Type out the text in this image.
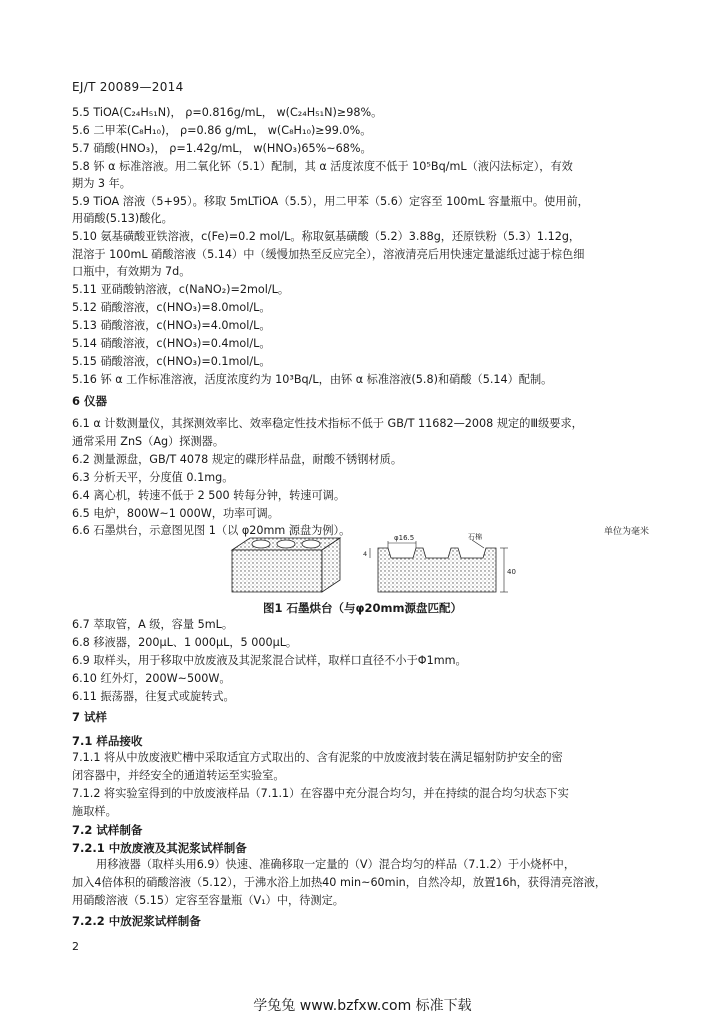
EJ/T 20089—2014
5.5 TiOA(C₂₄H₅₁N)， ρ=0.816g/mL， w(C₂₄H₅₁N)≥98%。
5.6 二甲苯(C₈H₁₀)， ρ=0.86 g/mL， w(C₈H₁₀)≥99.0%。
5.7 硝酸(HNO₃)， ρ=1.42g/mL， w(HNO₃)65%~68%。
5.8 钚 α 标准溶液。用二氧化钚（5.1）配制，其 α 活度浓度不低于 10⁵Bq/mL（液闪法标定），有效
期为 3 年。
5.9 TiOA 溶液（5+95）。移取 5mLTiOA（5.5），用二甲苯（5.6）定容至 100mL 容量瓶中。使用前，
用硝酸(5.13)酸化。
5.10 氨基磺酸亚铁溶液，c(Fe)=0.2 mol/L。称取氨基磺酸（5.2）3.88g，还原铁粉（5.3）1.12g，
混溶于 100mL 硝酸溶液（5.14）中（缓慢加热至反应完全），溶液清亮后用快速定量滤纸过滤于棕色细
口瓶中，有效期为 7d。
5.11 亚硝酸钠溶液，c(NaNO₂)=2mol/L。
5.12 硝酸溶液，c(HNO₃)=8.0mol/L。
5.13 硝酸溶液，c(HNO₃)=4.0mol/L。
5.14 硝酸溶液，c(HNO₃)=0.4mol/L。
5.15 硝酸溶液，c(HNO₃)=0.1mol/L。
5.16 钚 α 工作标准溶液，活度浓度约为 10³Bq/L，由钚 α 标准溶液(5.8)和硝酸（5.14）配制。
6 仪器
6.1 α 计数测量仪，其探测效率比、效率稳定性技术指标不低于 GB/T 11682—2008 规定的Ⅲ级要求，
通常采用 ZnS（Ag）探测器。
6.2 测量源盘，GB/T 4078 规定的碟形样品盘，耐酸不锈钢材质。
6.3 分析天平，分度值 0.1mg。
6.4 离心机，转速不低于 2 500 转每分钟，转速可调。
6.5 电炉，800W~1 000W，功率可调。
6.6 石墨烘台，示意图见图 1（以 φ20mm 源盘为例）。	单位为毫米
φ16.5	石棉
4
40
图1 石墨烘台（与φ20mm源盘匹配）
6.7 萃取管，A 级，容量 5mL。
6.8 移液器，200μL、1 000μL，5 000μL。
6.9 取样头，用于移取中放废液及其泥浆混合试样，取样口直径不小于Φ1mm。
6.10 红外灯，200W~500W。
6.11 振荡器，往复式或旋转式。
7 试样
7.1 样品接收
7.1.1 将从中放废液贮槽中采取适宜方式取出的、含有泥浆的中放废液封装在满足辐射防护安全的密
闭容器中，并经安全的通道转运至实验室。
7.1.2 将实验室得到的中放废液样品（7.1.1）在容器中充分混合均匀，并在持续的混合均匀状态下实
施取样。
7.2 试样制备
7.2.1 中放废液及其泥浆试样制备
用移液器（取样头用6.9）快速、准确移取一定量的（V）混合均匀的样品（7.1.2）于小烧杯中，
加入4倍体积的硝酸溶液（5.12），于沸水浴上加热40 min~60min，自然冷却，放置16h，获得清亮溶液，
用硝酸溶液（5.15）定容至容量瓶（V₁）中，待测定。
7.2.2 中放泥浆试样制备
2
学兔兔 www.bzfxw.com 标准下载
